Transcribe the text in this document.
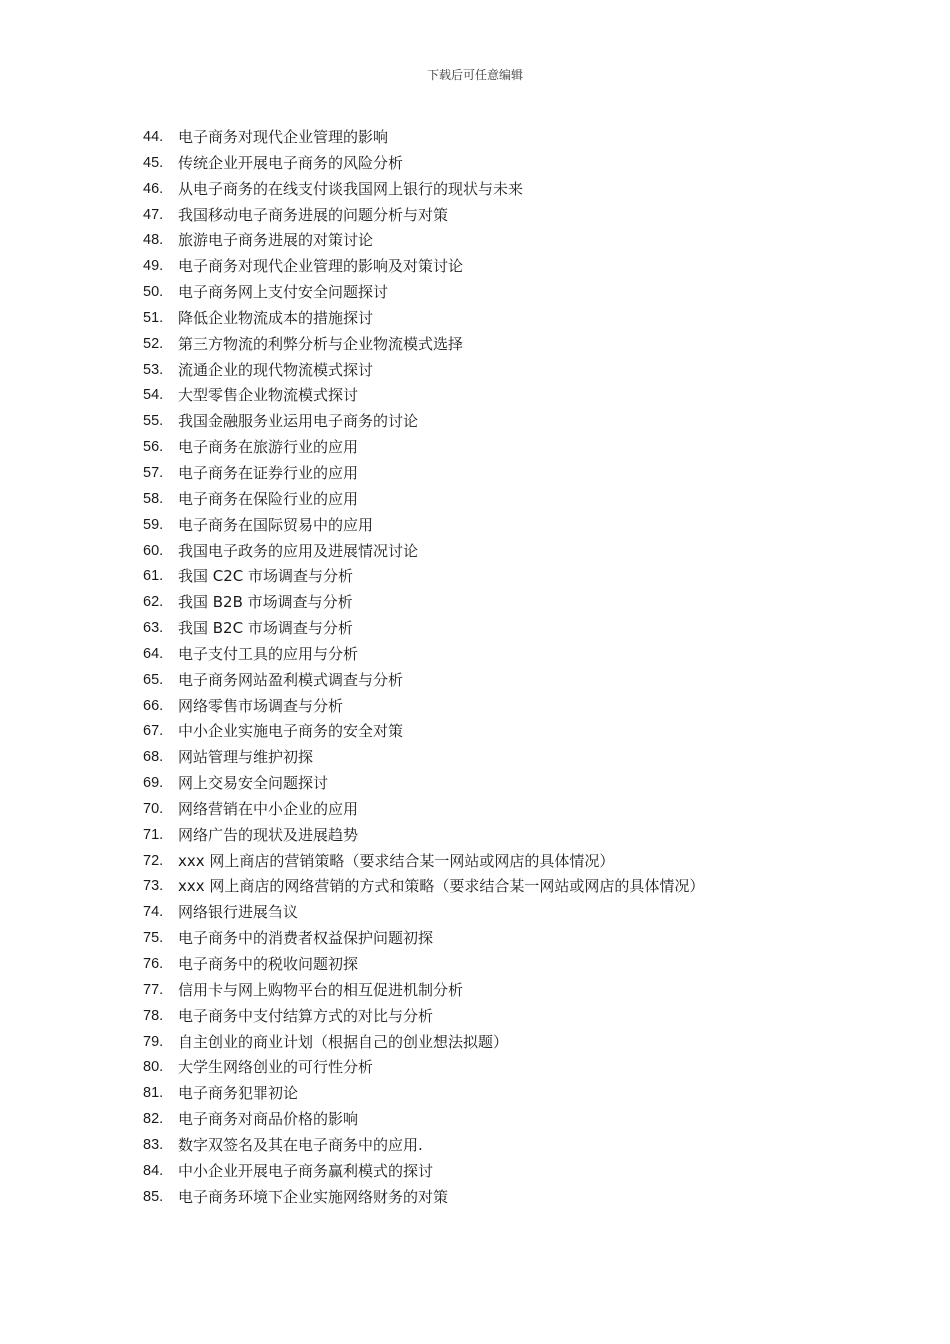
下载后可任意编辑
44. 电子商务对现代企业管理的影响
45. 传统企业开展电子商务的风险分析
46. 从电子商务的在线支付谈我国网上银行的现状与未来
47. 我国移动电子商务进展的问题分析与对策
48. 旅游电子商务进展的对策讨论
49. 电子商务对现代企业管理的影响及对策讨论
50. 电子商务网上支付安全问题探讨
51. 降低企业物流成本的措施探讨
52. 第三方物流的利弊分析与企业物流模式选择
53. 流通企业的现代物流模式探讨
54. 大型零售企业物流模式探讨
55. 我国金融服务业运用电子商务的讨论
56. 电子商务在旅游行业的应用
57. 电子商务在证券行业的应用
58. 电子商务在保险行业的应用
59. 电子商务在国际贸易中的应用
60. 我国电子政务的应用及进展情况讨论
61. 我国 C2C 市场调查与分析
62. 我国 B2B 市场调查与分析
63. 我国 B2C 市场调查与分析
64. 电子支付工具的应用与分析
65. 电子商务网站盈利模式调查与分析
66. 网络零售市场调查与分析
67. 中小企业实施电子商务的安全对策
68. 网站管理与维护初探
69. 网上交易安全问题探讨
70. 网络营销在中小企业的应用
71. 网络广告的现状及进展趋势
72. xxx 网上商店的营销策略（要求结合某一网站或网店的具体情况）
73. xxx 网上商店的网络营销的方式和策略（要求结合某一网站或网店的具体情况）
74. 网络银行进展刍议
75. 电子商务中的消费者权益保护问题初探
76. 电子商务中的税收问题初探
77. 信用卡与网上购物平台的相互促进机制分析
78. 电子商务中支付结算方式的对比与分析
79. 自主创业的商业计划（根据自己的创业想法拟题）
80. 大学生网络创业的可行性分析
81. 电子商务犯罪初论
82. 电子商务对商品价格的影响
83. 数字双签名及其在电子商务中的应用.
84. 中小企业开展电子商务赢利模式的探讨
85. 电子商务环境下企业实施网络财务的对策
